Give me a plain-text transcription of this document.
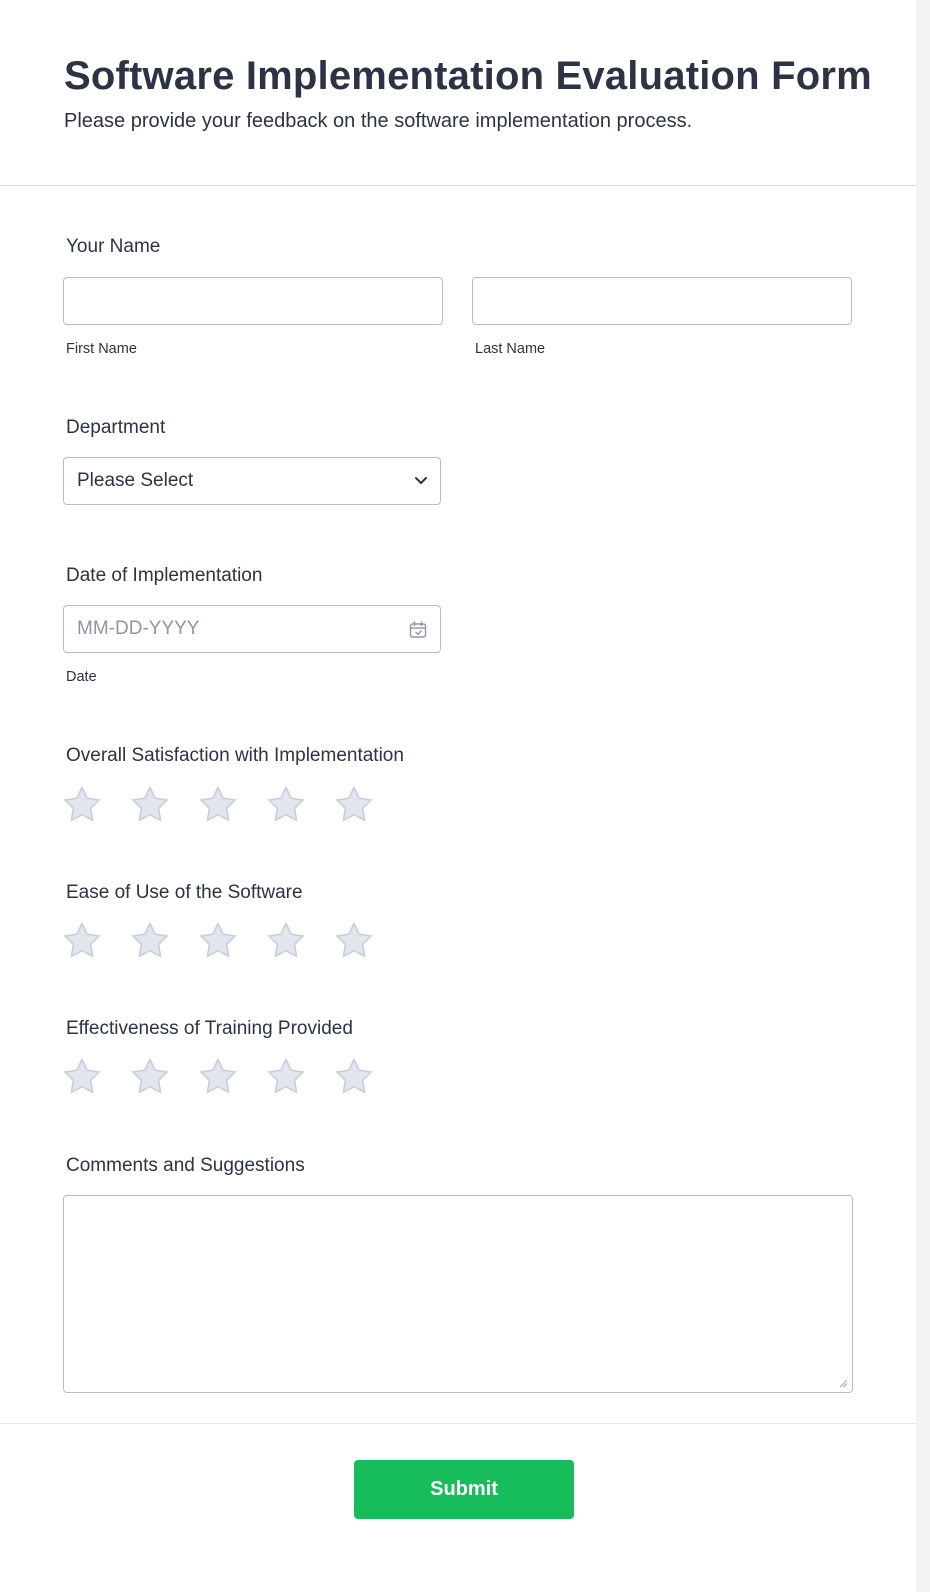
Software Implementation Evaluation Form

Please provide your feedback on the software implementation process.

Your Name
First Name	Last Name
Department
Please Select
Date of Implementation
MM-DD-YYYY
Date
Overall Satisfaction with Implementation
Ease of Use of the Software
Effectiveness of Training Provided
Comments and Suggestions
Submit
